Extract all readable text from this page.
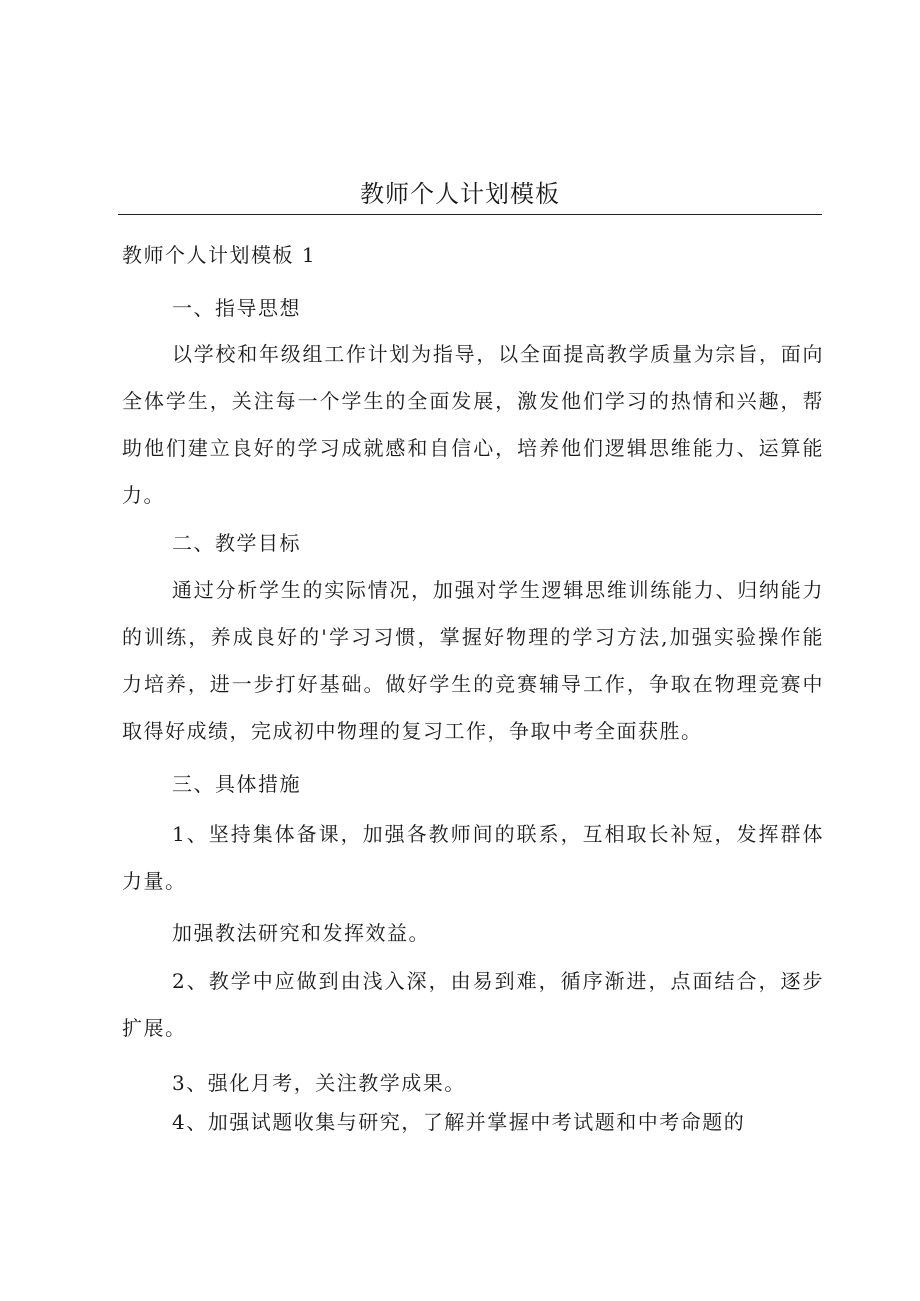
教师个人计划模板

教师个人计划模板 1

一、指导思想

以学校和年级组工作计划为指导，以全面提高教学质量为宗旨，面向全体学生，关注每一个学生的全面发展，激发他们学习的热情和兴趣，帮助他们建立良好的学习成就感和自信心，培养他们逻辑思维能力、运算能力。

二、教学目标

通过分析学生的实际情况，加强对学生逻辑思维训练能力、归纳能力的训练，养成良好的'学习习惯，掌握好物理的学习方法,加强实验操作能力培养，进一步打好基础。做好学生的竞赛辅导工作，争取在物理竞赛中取得好成绩，完成初中物理的复习工作，争取中考全面获胜。

三、具体措施

1、坚持集体备课，加强各教师间的联系，互相取长补短，发挥群体力量。

加强教法研究和发挥效益。

2、教学中应做到由浅入深，由易到难，循序渐进，点面结合，逐步扩展。

3、强化月考，关注教学成果。

4、加强试题收集与研究，了解并掌握中考试题和中考命题的
